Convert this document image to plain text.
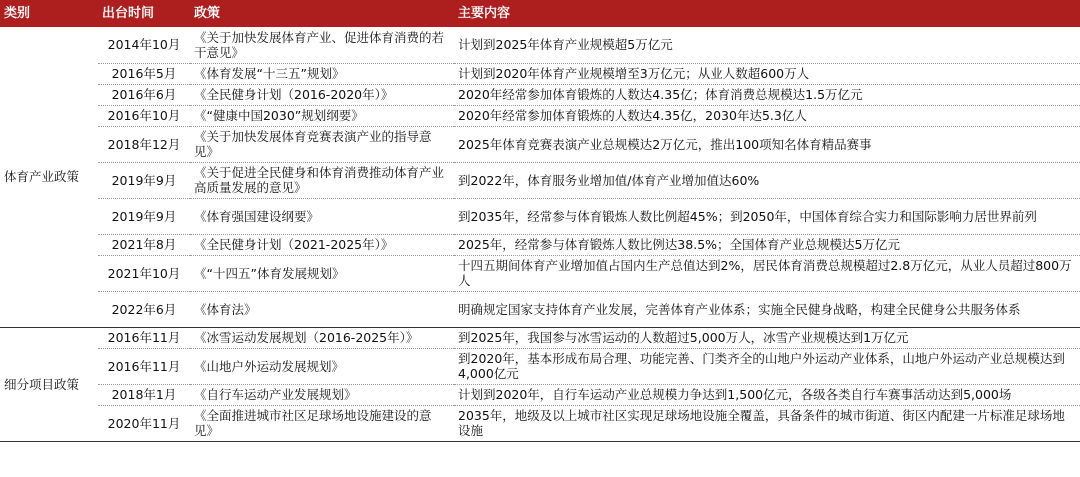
类别	出台时间	政策	主要内容
体育产业政策	2014年10月	《关于加快发展体育产业、促进体育消费的若干意见》	计划到2025年体育产业规模超5万亿元
	2016年5月	《体育发展“十三五”规划》	计划到2020年体育产业规模增至3万亿元；从业人数超600万人
	2016年6月	《全民健身计划（2016-2020年）》	2020年经常参加体育锻炼的人数达4.35亿；体育消费总规模达1.5万亿元
	2016年10月	《“健康中国2030”规划纲要》	2020年经常参加体育锻炼的人数达4.35亿，2030年达5.3亿人
	2018年12月	《关于加快发展体育竞赛表演产业的指导意见》	2025年体育竞赛表演产业总规模达2万亿元，推出100项知名体育精品赛事
	2019年9月	《关于促进全民健身和体育消费推动体育产业高质量发展的意见》	到2022年，体育服务业增加值/体育产业增加值达60%
	2019年9月	《体育强国建设纲要》	到2035年，经常参与体育锻炼人数比例超45%；到2050年，中国体育综合实力和国际影响力居世界前列
	2021年8月	《全民健身计划（2021-2025年）》	2025年，经常参与体育锻炼人数比例达38.5%；全国体育产业总规模达5万亿元
	2021年10月	《“十四五”体育发展规划》	十四五期间体育产业增加值占国内生产总值达到2%，居民体育消费总规模超过2.8万亿元，从业人员超过800万人
	2022年6月	《体育法》	明确规定国家支持体育产业发展，完善体育产业体系；实施全民健身战略，构建全民健身公共服务体系
细分项目政策	2016年11月	《冰雪运动发展规划（2016-2025年）》	到2025年，我国参与冰雪运动的人数超过5,000万人，冰雪产业规模达到1万亿元
	2016年11月	《山地户外运动发展规划》	到2020年，基本形成布局合理、功能完善、门类齐全的山地户外运动产业体系，山地户外运动产业总规模达到4,000亿元
	2018年1月	《自行车运动产业发展规划》	计划到2020年，自行车运动产业总规模力争达到1,500亿元，各级各类自行车赛事活动达到5,000场
	2020年11月	《全面推进城市社区足球场地设施建设的意见》	2035年，地级及以上城市社区实现足球场地设施全覆盖，具备条件的城市街道、街区内配建一片标准足球场地设施
